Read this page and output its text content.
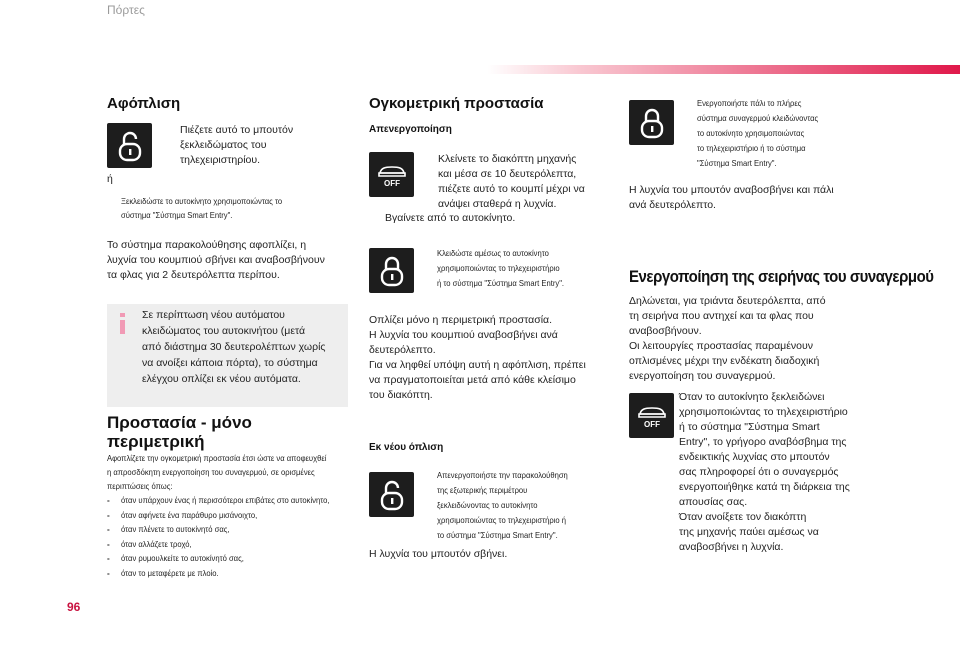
Πόρτες
96
Αφόπλιση
Πιέζετε αυτό το μπουτόν
ξεκλειδώματος του
τηλεχειριστηρίου.
ή
Ξεκλειδώστε το αυτοκίνητο χρησιμοποιώντας το
σύστημα "Σύστημα Smart Entry".
Το σύστημα παρακολούθησης αφοπλίζει, η
λυχνία του κουμπιού σβήνει και αναβοσβήνουν
τα φλας για 2 δευτερόλεπτα περίπου.
Σε περίπτωση νέου αυτόματου
κλειδώματος του αυτοκινήτου (μετά
από διάστημα 30 δευτερολέπτων χωρίς
να ανοίξει κάποια πόρτα), το σύστημα
ελέγχου οπλίζει εκ νέου αυτόματα.
Προστασία - μόνο
περιμετρική
Αφοπλίζετε την ογκομετρική προστασία έτσι ώστε να αποφευχθεί
η απροσδόκητη ενεργοποίηση του συναγερμού, σε ορισμένες
περιπτώσεις όπως:
- όταν υπάρχουν ένας ή περισσότεροι επιβάτες στο αυτοκίνητο,
- όταν αφήνετε ένα παράθυρο μισάνοιχτο,
- όταν πλένετε το αυτοκίνητό σας,
- όταν αλλάζετε τροχό,
- όταν ρυμουλκείτε το αυτοκίνητό σας,
- όταν το μεταφέρετε με πλοίο.
Ογκομετρική προστασία
Απενεργοποίηση
OFF
Κλείνετε το διακόπτη μηχανής
και μέσα σε 10 δευτερόλεπτα,
πιέζετε αυτό το κουμπί μέχρι να
ανάψει σταθερά η λυχνία.
Βγαίνετε από το αυτοκίνητο.
Κλειδώστε αμέσως το αυτοκίνητο
χρησιμοποιώντας το τηλεχειριστήριο
ή το σύστημα "Σύστημα Smart Entry".
Οπλίζει μόνο η περιμετρική προστασία.
Η λυχνία του κουμπιού αναβοσβήνει ανά
δευτερόλεπτο.
Για να ληφθεί υπόψη αυτή η αφόπλιση, πρέπει
να πραγματοποιείται μετά από κάθε κλείσιμο
του διακόπτη.
Εκ νέου όπλιση
Απενεργοποιήστε την παρακολούθηση
της εξωτερικής περιμέτρου
ξεκλειδώνοντας το αυτοκίνητο
χρησιμοποιώντας το τηλεχειριστήριο ή
το σύστημα "Σύστημα Smart Entry".
Η λυχνία του μπουτόν σβήνει.
Ενεργοποιήστε πάλι το πλήρες
σύστημα συναγερμού κλειδώνοντας
το αυτοκίνητο χρησιμοποιώντας
το τηλεχειριστήριο ή το σύστημα
"Σύστημα Smart Entry".
Η λυχνία του μπουτόν αναβοσβήνει και πάλι
ανά δευτερόλεπτο.
Ενεργοποίηση της σειρήνας του συναγερμού
Δηλώνεται, για τριάντα δευτερόλεπτα, από
τη σειρήνα που αντηχεί και τα φλας που
αναβοσβήνουν.
Οι λειτουργίες προστασίας παραμένουν
οπλισμένες μέχρι την ενδέκατη διαδοχική
ενεργοποίηση του συναγερμού.
OFF
Όταν το αυτοκίνητο ξεκλειδώνει
χρησιμοποιώντας το τηλεχειριστήριο
ή το σύστημα "Σύστημα Smart
Entry", το γρήγορο αναβόσβημα της
ενδεικτικής λυχνίας στο μπουτόν
σας πληροφορεί ότι ο συναγερμός
ενεργοποιήθηκε κατά τη διάρκεια της
απουσίας σας.
Όταν ανοίξετε τον διακόπτη
της μηχανής παύει αμέσως να
αναβοσβήνει η λυχνία.
